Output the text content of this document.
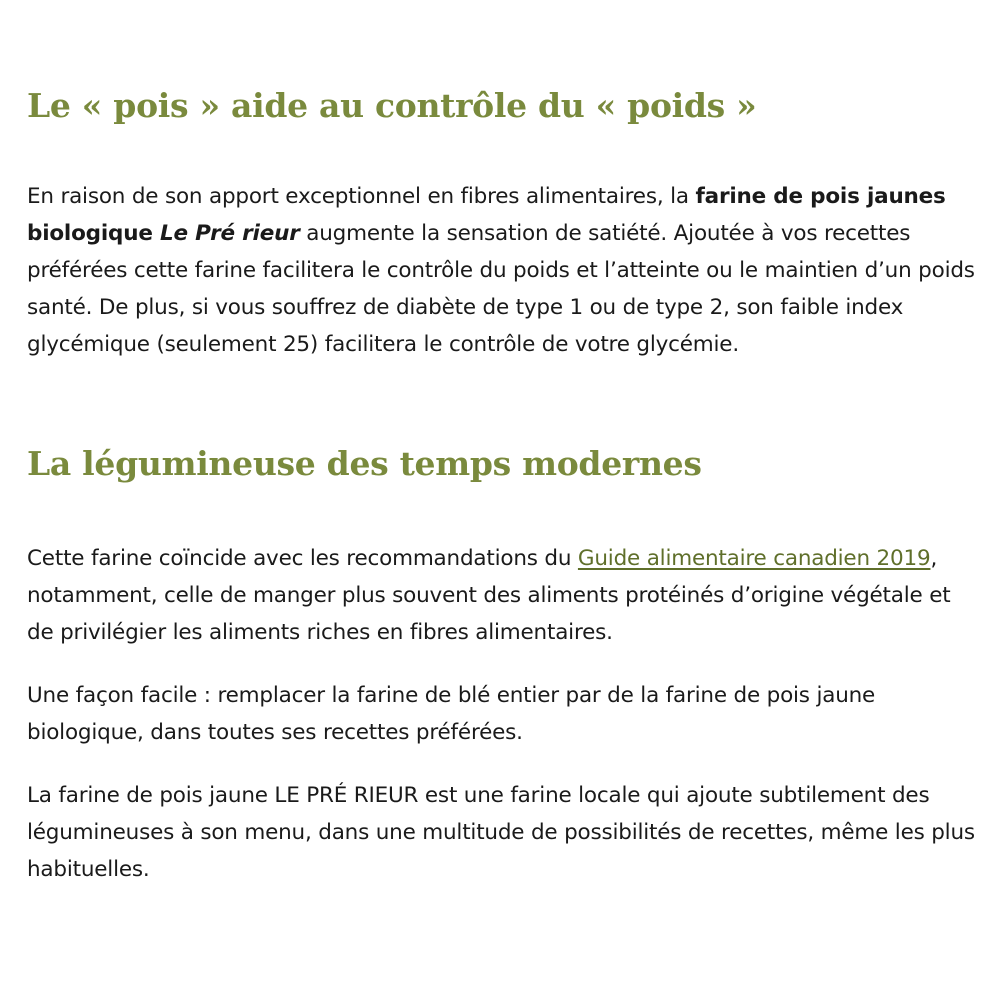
Le « pois » aide au contrôle du « poids »

En raison de son apport exceptionnel en fibres alimentaires, la farine de pois jaunes biologique Le Pré rieur augmente la sensation de satiété. Ajoutée à vos recettes préférées cette farine facilitera le contrôle du poids et l’atteinte ou le maintien d’un poids santé. De plus, si vous souffrez de diabète de type 1 ou de type 2, son faible index glycémique (seulement 25) facilitera le contrôle de votre glycémie.

La légumineuse des temps modernes

Cette farine coïncide avec les recommandations du Guide alimentaire canadien 2019, notamment, celle de manger plus souvent des aliments protéinés d’origine végétale et de privilégier les aliments riches en fibres alimentaires.

Une façon facile : remplacer la farine de blé entier par de la farine de pois jaune biologique, dans toutes ses recettes préférées.

La farine de pois jaune LE PRÉ RIEUR est une farine locale qui ajoute subtilement des légumineuses à son menu, dans une multitude de possibilités de recettes, même les plus habituelles.
